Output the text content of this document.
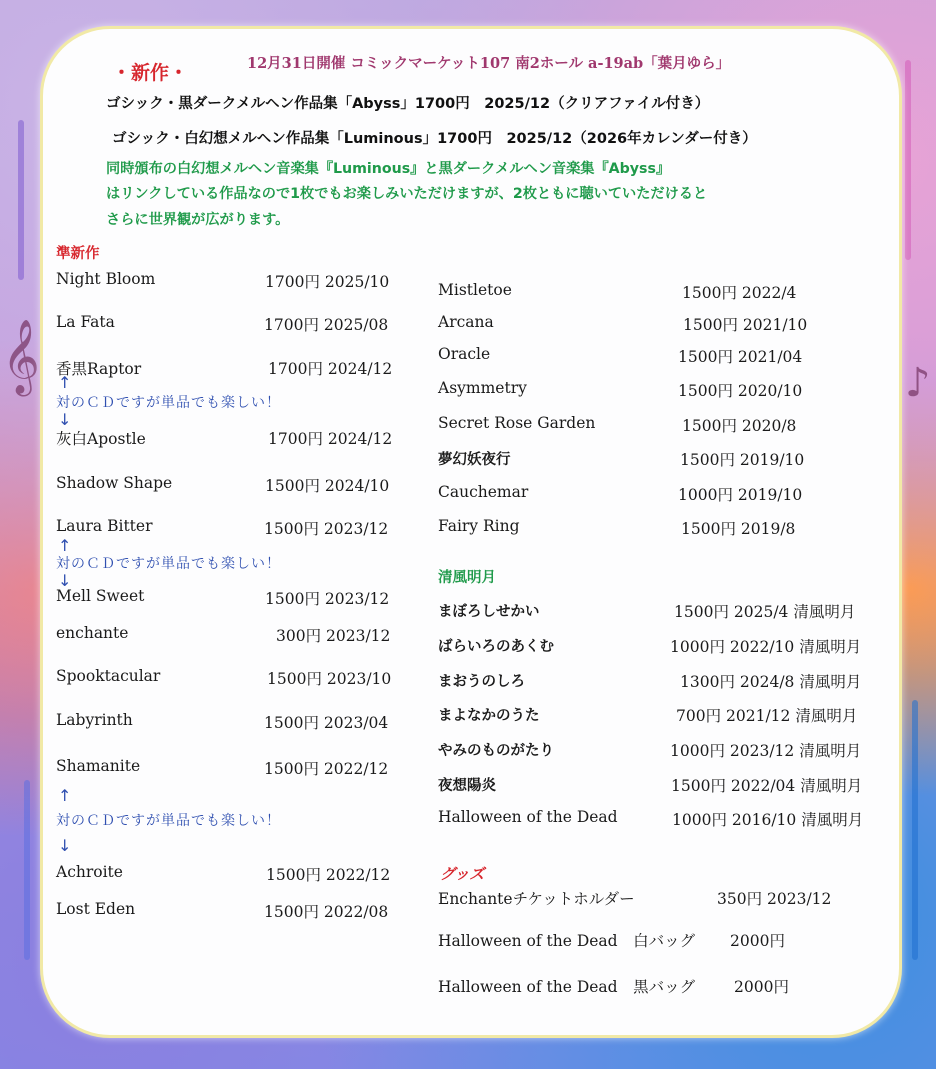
𝄞	♪
・新作・	12月31日開催 コミックマーケット107 南2ホール a-19ab「葉月ゆら」
ゴシック・黒ダークメルヘン作品集「Abyss」1700円　2025/12（クリアファイル付き）
ゴシック・白幻想メルヘン作品集「Luminous」1700円　2025/12（2026年カレンダー付き）
同時頒布の白幻想メルヘン音楽集『Luminous』と黒ダークメルヘン音楽集『Abyss』
はリンクしている作品なので1枚でもお楽しみいただけますが、2枚ともに聴いていただけると
さらに世界観が広がります。
準新作
Night Bloom	1700円 2025/10
La Fata	1700円 2025/08
香黒Raptor	1700円 2024/12
灰白Apostle	1700円 2024/12
Shadow Shape	1500円 2024/10
Laura Bitter	1500円 2023/12
Mell Sweet	1500円 2023/12
enchante	300円 2023/12
Spooktacular	1500円 2023/10
Labyrinth	1500円 2023/04
Shamanite	1500円 2022/12
Achroite	1500円 2022/12
Lost Eden	1500円 2022/08
↑
対のＣＤですが単品でも楽しい！
↓
↑
対のＣＤですが単品でも楽しい！
↓
↑
対のＣＤですが単品でも楽しい！
↓
Mistletoe	1500円 2022/4
Arcana	1500円 2021/10
Oracle	1500円 2021/04
Asymmetry	1500円 2020/10
Secret Rose Garden	1500円 2020/8
夢幻妖夜行	1500円 2019/10
Cauchemar	1000円 2019/10
Fairy Ring	1500円 2019/8
清風明月
まぼろしせかい	1500円 2025/4 清風明月
ばらいろのあくむ	1000円 2022/10 清風明月
まおうのしろ	1300円 2024/8 清風明月
まよなかのうた	700円 2021/12 清風明月
やみのものがたり	1000円 2023/12 清風明月
夜想陽炎	1500円 2022/04 清風明月
Halloween of the Dead	1000円 2016/10 清風明月
グッズ
Enchanteチケットホルダー	350円 2023/12
Halloween of the Dead　白バッグ 2000円
Halloween of the Dead　黒バッグ	2000円
